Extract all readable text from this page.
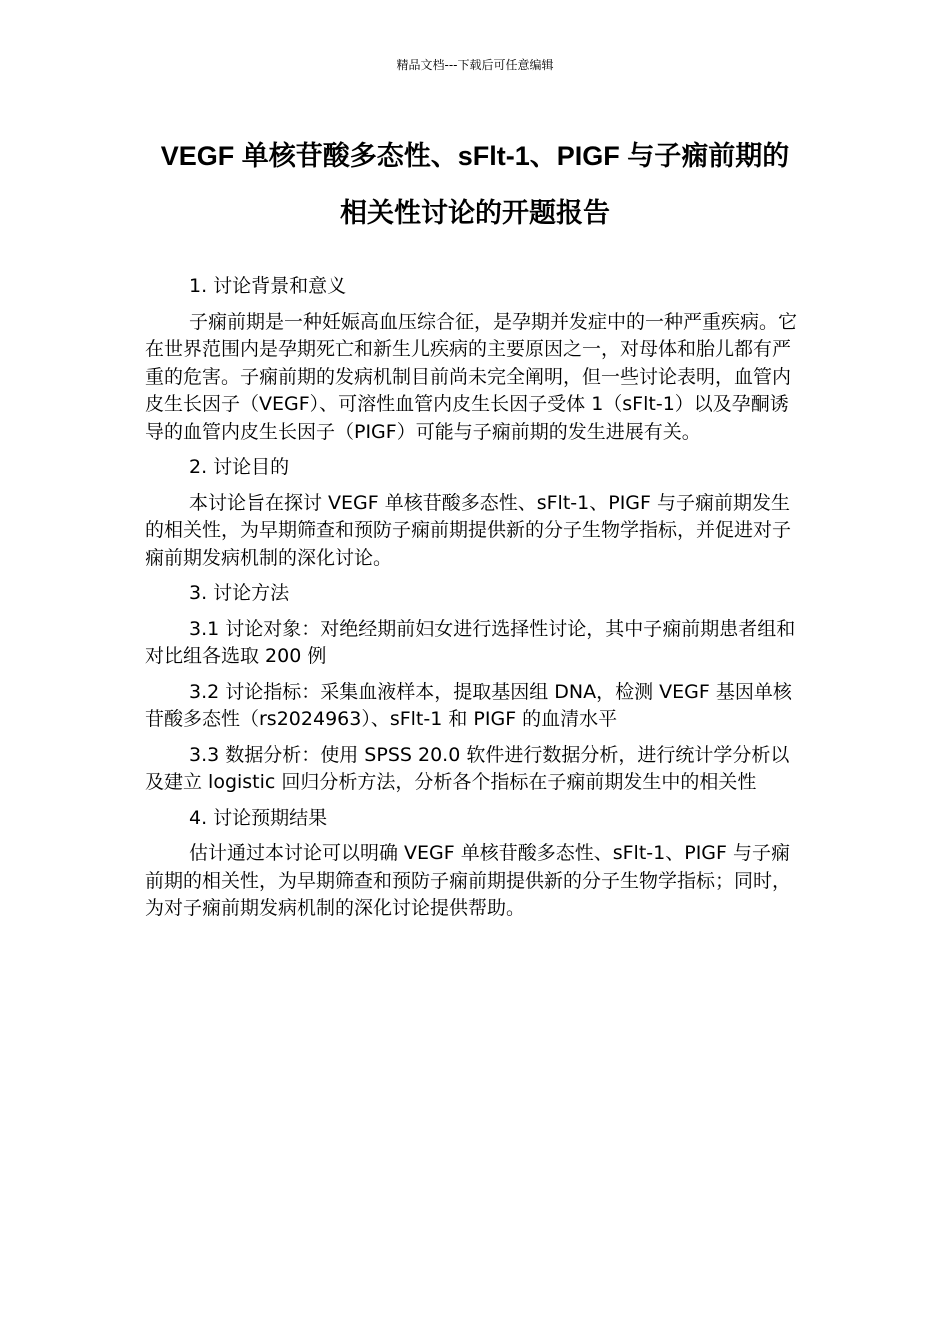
精品文档---下载后可任意编辑
VEGF 单核苷酸多态性、sFlt-1、PIGF 与子痫前期的
相关性讨论的开题报告

1. 讨论背景和意义

子痫前期是一种妊娠高血压综合征，是孕期并发症中的一种严重疾病。它在世界范围内是孕期死亡和新生儿疾病的主要原因之一，对母体和胎儿都有严重的危害。子痫前期的发病机制目前尚未完全阐明，但一些讨论表明，血管内皮生长因子（VEGF）、可溶性血管内皮生长因子受体 1（sFlt-1）以及孕酮诱导的血管内皮生长因子（PIGF）可能与子痫前期的发生进展有关。

2. 讨论目的

本讨论旨在探讨 VEGF 单核苷酸多态性、sFlt-1、PIGF 与子痫前期发生的相关性，为早期筛查和预防子痫前期提供新的分子生物学指标，并促进对子痫前期发病机制的深化讨论。

3. 讨论方法

3.1 讨论对象：对绝经期前妇女进行选择性讨论，其中子痫前期患者组和对比组各选取 200 例

3.2 讨论指标：采集血液样本，提取基因组 DNA，检测 VEGF 基因单核苷酸多态性（rs2024963）、sFlt-1 和 PIGF 的血清水平

3.3 数据分析：使用 SPSS 20.0 软件进行数据分析，进行统计学分析以及建立 logistic 回归分析方法，分析各个指标在子痫前期发生中的相关性

4. 讨论预期结果

估计通过本讨论可以明确 VEGF 单核苷酸多态性、sFlt-1、PIGF 与子痫前期的相关性，为早期筛查和预防子痫前期提供新的分子生物学指标；同时，为对子痫前期发病机制的深化讨论提供帮助。
